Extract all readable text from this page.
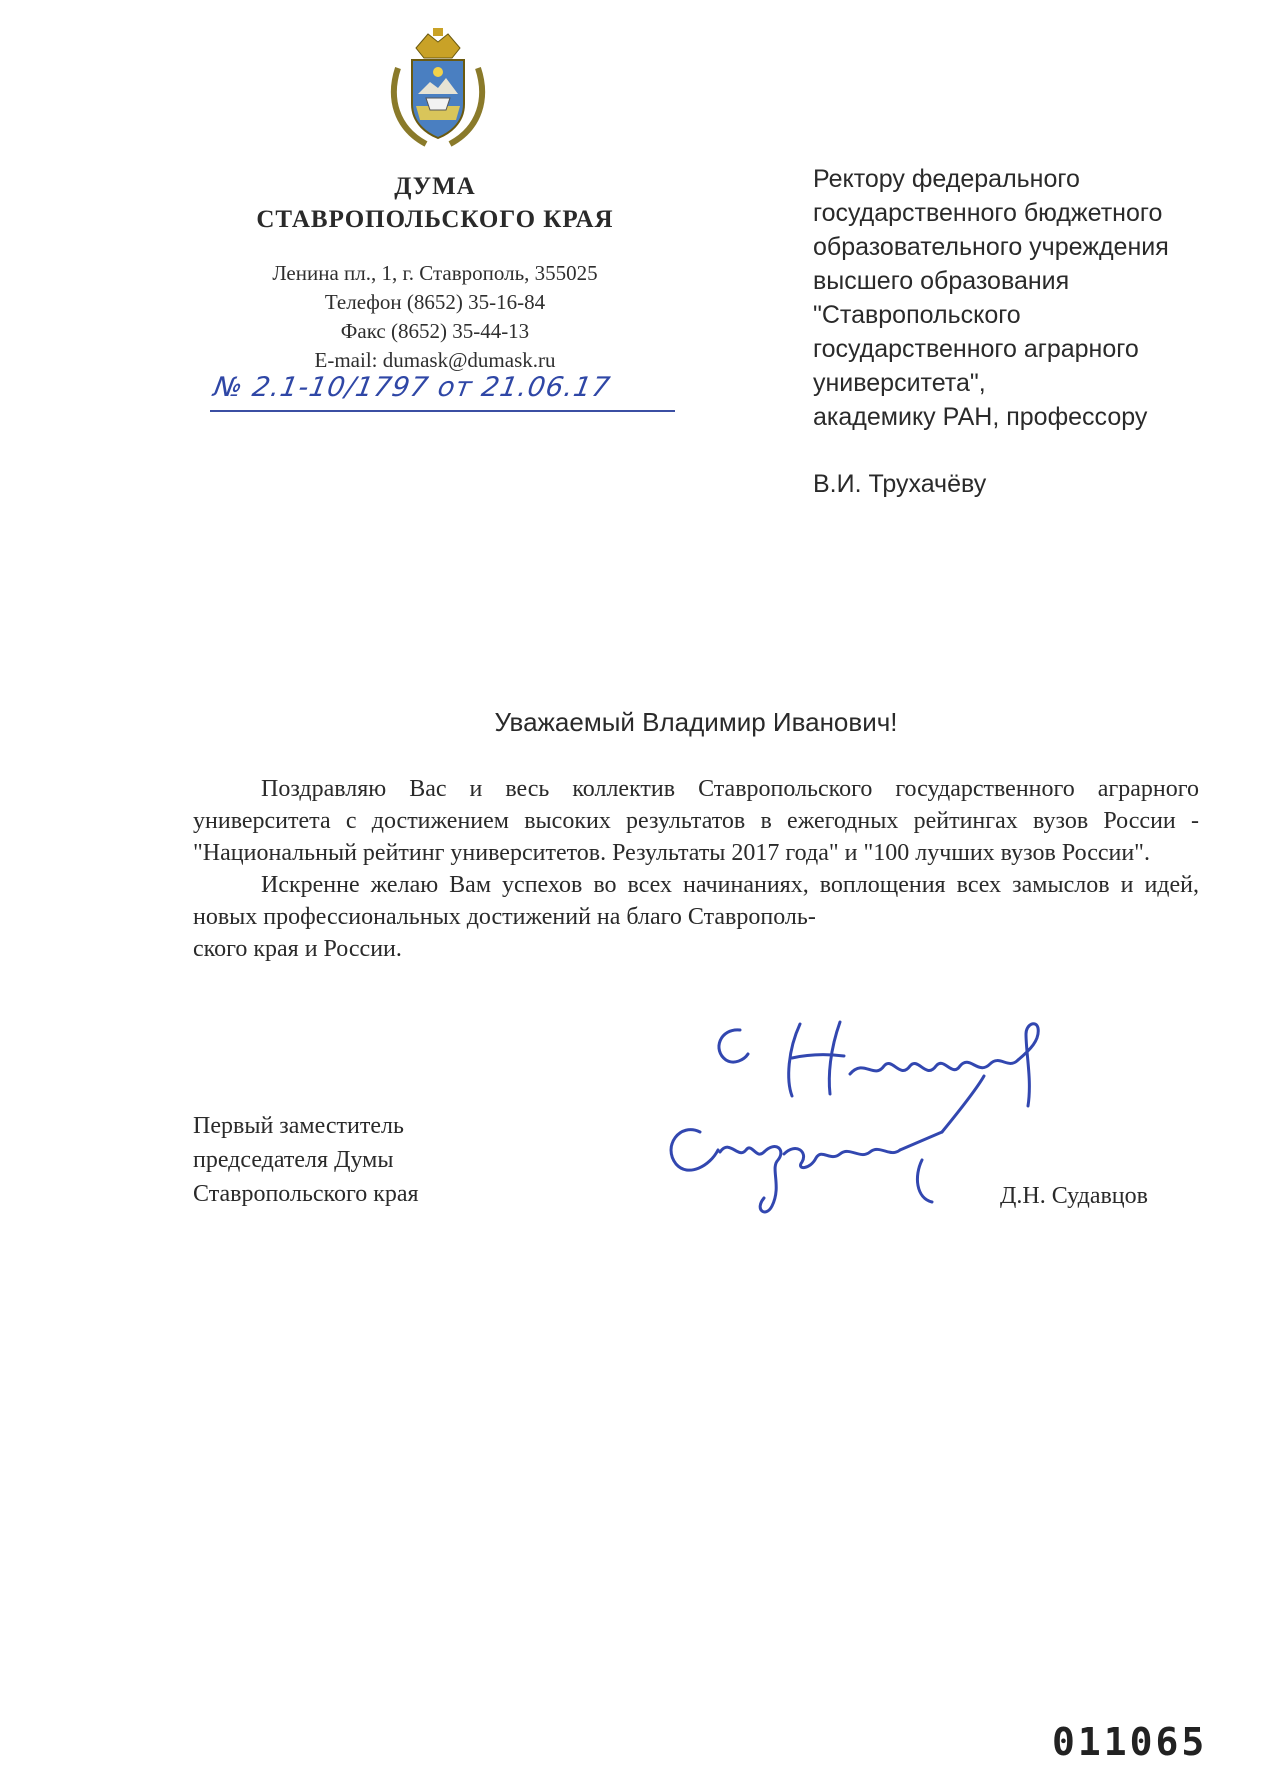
ДУМА
СТАВРОПОЛЬСКОГО КРАЯ
Ленина пл., 1, г. Ставрополь, 355025
Телефон (8652) 35-16-84
Факс (8652) 35-44-13
E-mail: dumask@dumask.ru
№ 2.1-10/1797 от 21.06.17
Ректору федерального
государственного бюджетного
образовательного учреждения
высшего образования
"Ставропольского
государственного аграрного
университета",
академику РАН, профессору
В.И. Трухачёву
Уважаемый Владимир Иванович!

Поздравляю Вас и весь коллектив Ставропольского государственного аграрного университета с достижением высоких результатов в ежегодных рейтингах вузов России - "Национальный рейтинг университетов. Результаты 2017 года" и "100 лучших вузов России".

Искренне желаю Вам успехов во всех начинаниях, воплощения всех замыслов и идей, новых профессиональных достижений на благо Ставрополь-

ского края и России.

Первый заместитель
председателя Думы
Ставропольского края	Д.Н. Судавцов
011065
